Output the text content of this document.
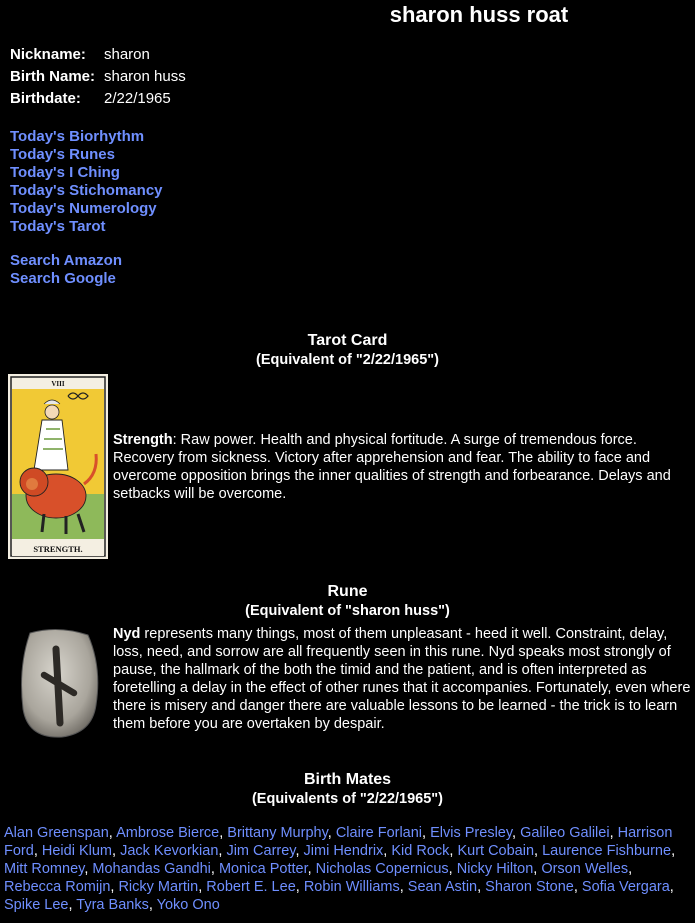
sharon huss roat
Nickname:	sharon
Birth Name: sharon huss
Birthdate:	2/22/1965
Today's Biorhythm
Today's Runes
Today's I Ching
Today's Stichomancy
Today's Numerology
Today's Tarot
Search Amazon
Search Google
Tarot Card
(Equivalent of "2/22/1965")
VIII
STRENGTH.
Strength: Raw power. Health and physical fortitude. A surge of tremendous force. Recovery from sickness. Victory after apprehension and fear. The ability to face and overcome opposition brings the inner qualities of strength and forbearance. Delays and setbacks will be overcome.
Rune
(Equivalent of "sharon huss")
Nyd represents many things, most of them unpleasant - heed it well. Constraint, delay, loss, need, and sorrow are all frequently seen in this rune. Nyd speaks most strongly of pause, the hallmark of the both the timid and the patient, and is often interpreted as foretelling a delay in the effect of other runes that it accompanies. Fortunately, even where there is misery and danger there are valuable lessons to be learned - the trick is to learn them before you are overtaken by despair.
Birth Mates
(Equivalents of "2/22/1965")
Alan Greenspan, Ambrose Bierce, Brittany Murphy, Claire Forlani, Elvis Presley, Galileo Galilei, Harrison Ford, Heidi Klum, Jack Kevorkian, Jim Carrey, Jimi Hendrix, Kid Rock, Kurt Cobain, Laurence Fishburne, Mitt Romney, Mohandas Gandhi, Monica Potter, Nicholas Copernicus, Nicky Hilton, Orson Welles, Rebecca Romijn, Ricky Martin, Robert E. Lee, Robin Williams, Sean Astin, Sharon Stone, Sofia Vergara, Spike Lee, Tyra Banks, Yoko Ono
